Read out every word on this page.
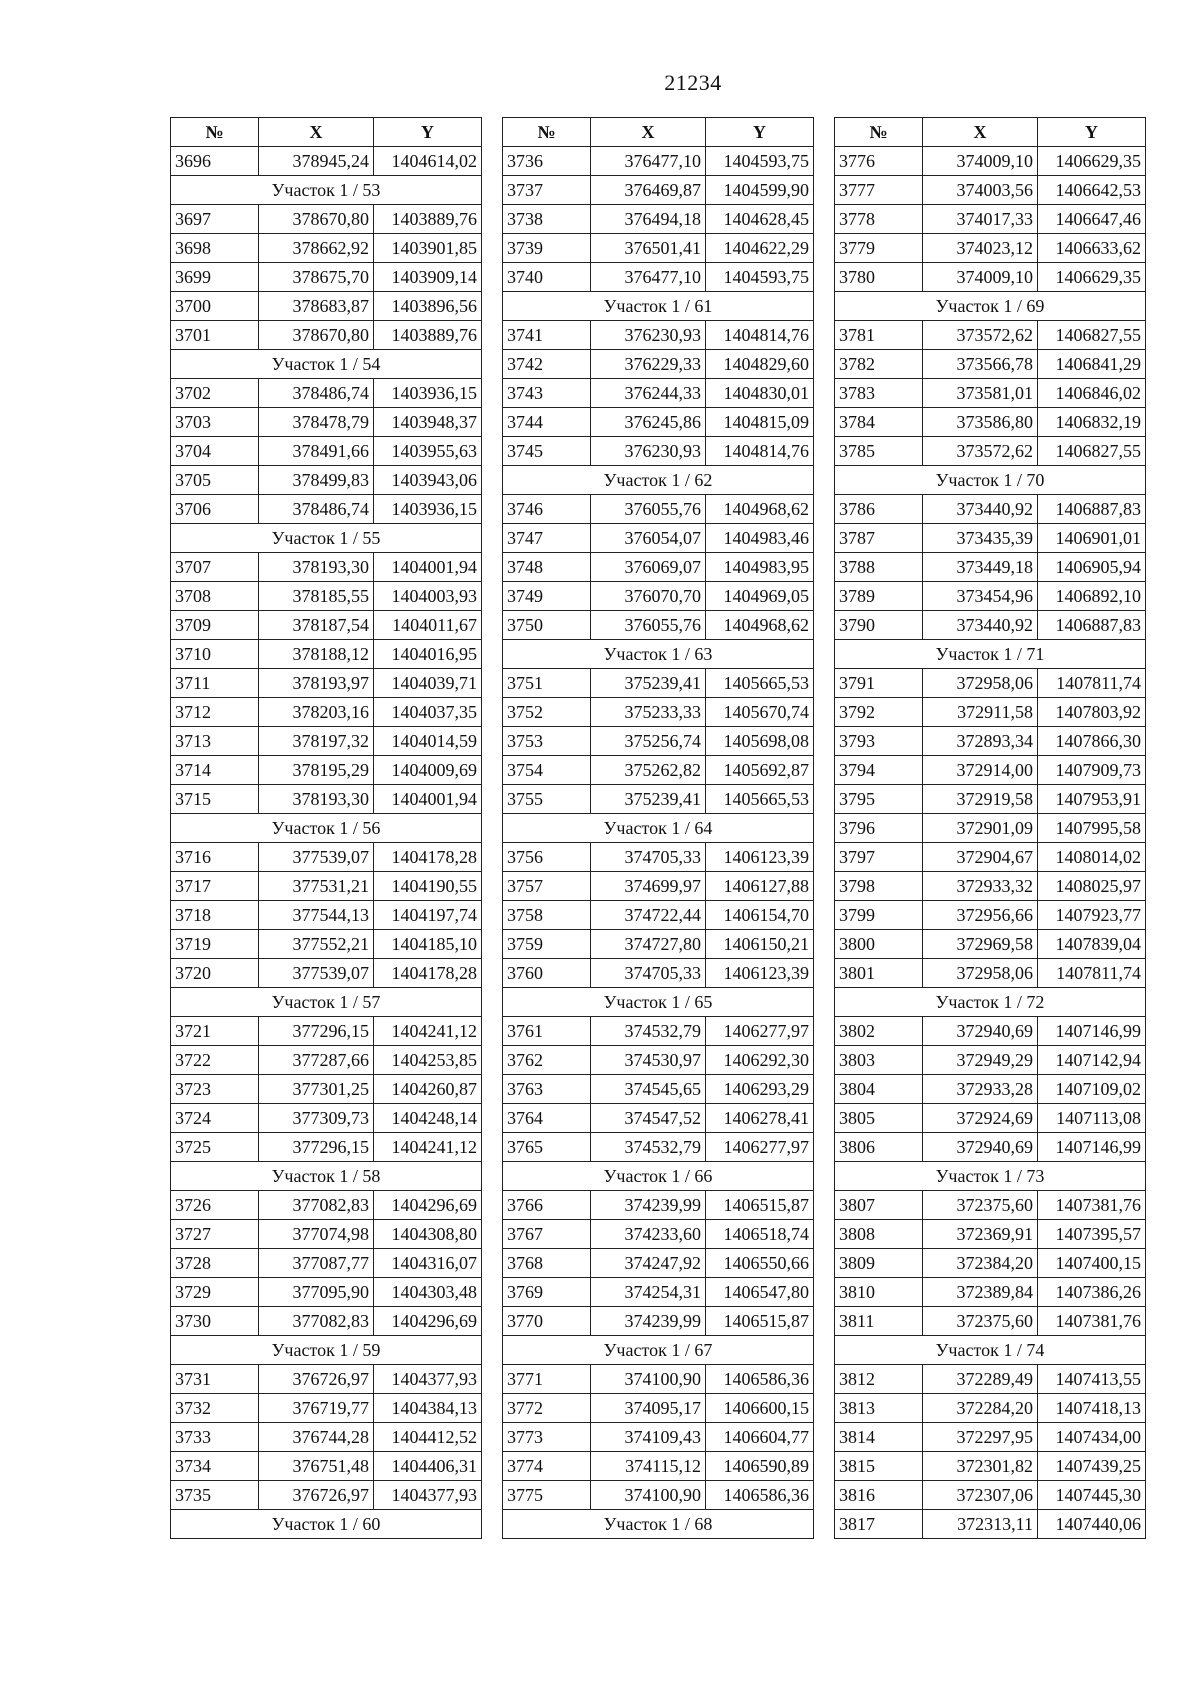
21234
№	X	Y
3696	378945,24	1404614,02
Участок 1 / 53		
3697	378670,80	1403889,76
3698	378662,92	1403901,85
3699	378675,70	1403909,14
3700	378683,87	1403896,56
3701	378670,80	1403889,76
Участок 1 / 54		
3702	378486,74	1403936,15
3703	378478,79	1403948,37
3704	378491,66	1403955,63
3705	378499,83	1403943,06
3706	378486,74	1403936,15
Участок 1 / 55		
3707	378193,30	1404001,94
3708	378185,55	1404003,93
3709	378187,54	1404011,67
3710	378188,12	1404016,95
3711	378193,97	1404039,71
3712	378203,16	1404037,35
3713	378197,32	1404014,59
3714	378195,29	1404009,69
3715	378193,30	1404001,94
Участок 1 / 56		
3716	377539,07	1404178,28
3717	377531,21	1404190,55
3718	377544,13	1404197,74
3719	377552,21	1404185,10
3720	377539,07	1404178,28
Участок 1 / 57		
3721	377296,15	1404241,12
3722	377287,66	1404253,85
3723	377301,25	1404260,87
3724	377309,73	1404248,14
3725	377296,15	1404241,12
Участок 1 / 58		
3726	377082,83	1404296,69
3727	377074,98	1404308,80
3728	377087,77	1404316,07
3729	377095,90	1404303,48
3730	377082,83	1404296,69
Участок 1 / 59		
3731	376726,97	1404377,93
3732	376719,77	1404384,13
3733	376744,28	1404412,52
3734	376751,48	1404406,31
3735	376726,97	1404377,93
Участок 1 / 60		
№	X	Y
3736	376477,10	1404593,75
3737	376469,87	1404599,90
3738	376494,18	1404628,45
3739	376501,41	1404622,29
3740	376477,10	1404593,75
Участок 1 / 61		
3741	376230,93	1404814,76
3742	376229,33	1404829,60
3743	376244,33	1404830,01
3744	376245,86	1404815,09
3745	376230,93	1404814,76
Участок 1 / 62		
3746	376055,76	1404968,62
3747	376054,07	1404983,46
3748	376069,07	1404983,95
3749	376070,70	1404969,05
3750	376055,76	1404968,62
Участок 1 / 63		
3751	375239,41	1405665,53
3752	375233,33	1405670,74
3753	375256,74	1405698,08
3754	375262,82	1405692,87
3755	375239,41	1405665,53
Участок 1 / 64		
3756	374705,33	1406123,39
3757	374699,97	1406127,88
3758	374722,44	1406154,70
3759	374727,80	1406150,21
3760	374705,33	1406123,39
Участок 1 / 65		
3761	374532,79	1406277,97
3762	374530,97	1406292,30
3763	374545,65	1406293,29
3764	374547,52	1406278,41
3765	374532,79	1406277,97
Участок 1 / 66		
3766	374239,99	1406515,87
3767	374233,60	1406518,74
3768	374247,92	1406550,66
3769	374254,31	1406547,80
3770	374239,99	1406515,87
Участок 1 / 67		
3771	374100,90	1406586,36
3772	374095,17	1406600,15
3773	374109,43	1406604,77
3774	374115,12	1406590,89
3775	374100,90	1406586,36
Участок 1 / 68		
№	X	Y
3776	374009,10	1406629,35
3777	374003,56	1406642,53
3778	374017,33	1406647,46
3779	374023,12	1406633,62
3780	374009,10	1406629,35
Участок 1 / 69		
3781	373572,62	1406827,55
3782	373566,78	1406841,29
3783	373581,01	1406846,02
3784	373586,80	1406832,19
3785	373572,62	1406827,55
Участок 1 / 70		
3786	373440,92	1406887,83
3787	373435,39	1406901,01
3788	373449,18	1406905,94
3789	373454,96	1406892,10
3790	373440,92	1406887,83
Участок 1 / 71		
3791	372958,06	1407811,74
3792	372911,58	1407803,92
3793	372893,34	1407866,30
3794	372914,00	1407909,73
3795	372919,58	1407953,91
3796	372901,09	1407995,58
3797	372904,67	1408014,02
3798	372933,32	1408025,97
3799	372956,66	1407923,77
3800	372969,58	1407839,04
3801	372958,06	1407811,74
Участок 1 / 72		
3802	372940,69	1407146,99
3803	372949,29	1407142,94
3804	372933,28	1407109,02
3805	372924,69	1407113,08
3806	372940,69	1407146,99
Участок 1 / 73		
3807	372375,60	1407381,76
3808	372369,91	1407395,57
3809	372384,20	1407400,15
3810	372389,84	1407386,26
3811	372375,60	1407381,76
Участок 1 / 74		
3812	372289,49	1407413,55
3813	372284,20	1407418,13
3814	372297,95	1407434,00
3815	372301,82	1407439,25
3816	372307,06	1407445,30
3817	372313,11	1407440,06
